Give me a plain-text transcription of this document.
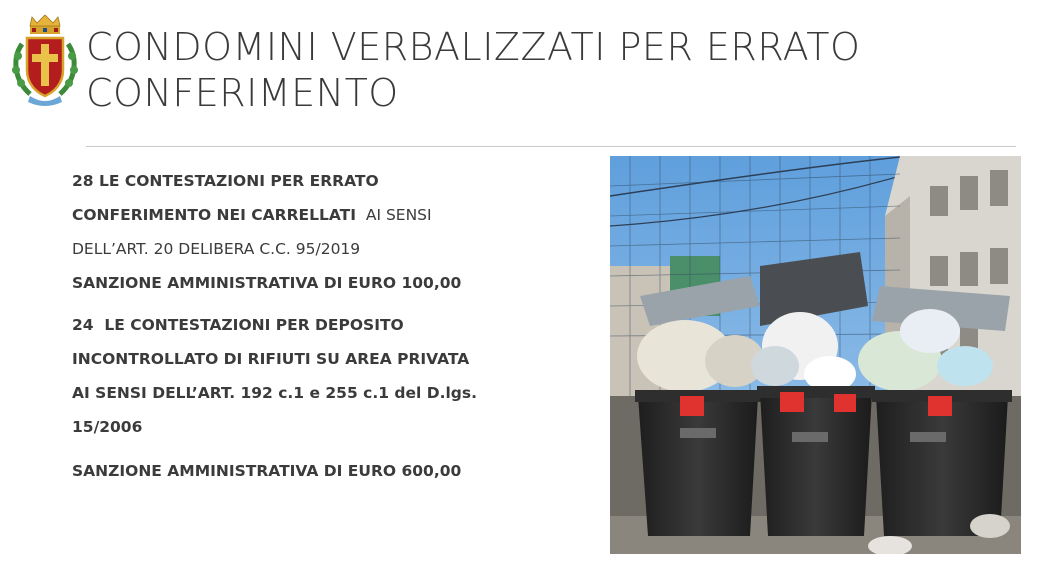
CONDOMINI VERBALIZZATI PER ERRATO
CONFERIMENTO
28 LE CONTESTAZIONI PER ERRATO
CONFERIMENTO NEI CARRELLATI  AI SENSI
DELL’ART. 20 DELIBERA C.C. 95/2019
SANZIONE AMMINISTRATIVA DI EURO 100,00
24  LE CONTESTAZIONI PER DEPOSITO
INCONTROLLATO DI RIFIUTI SU AREA PRIVATA
AI SENSI DELL’ART. 192 c.1 e 255 c.1 del D.lgs.
15/2006
SANZIONE AMMINISTRATIVA DI EURO 600,00
